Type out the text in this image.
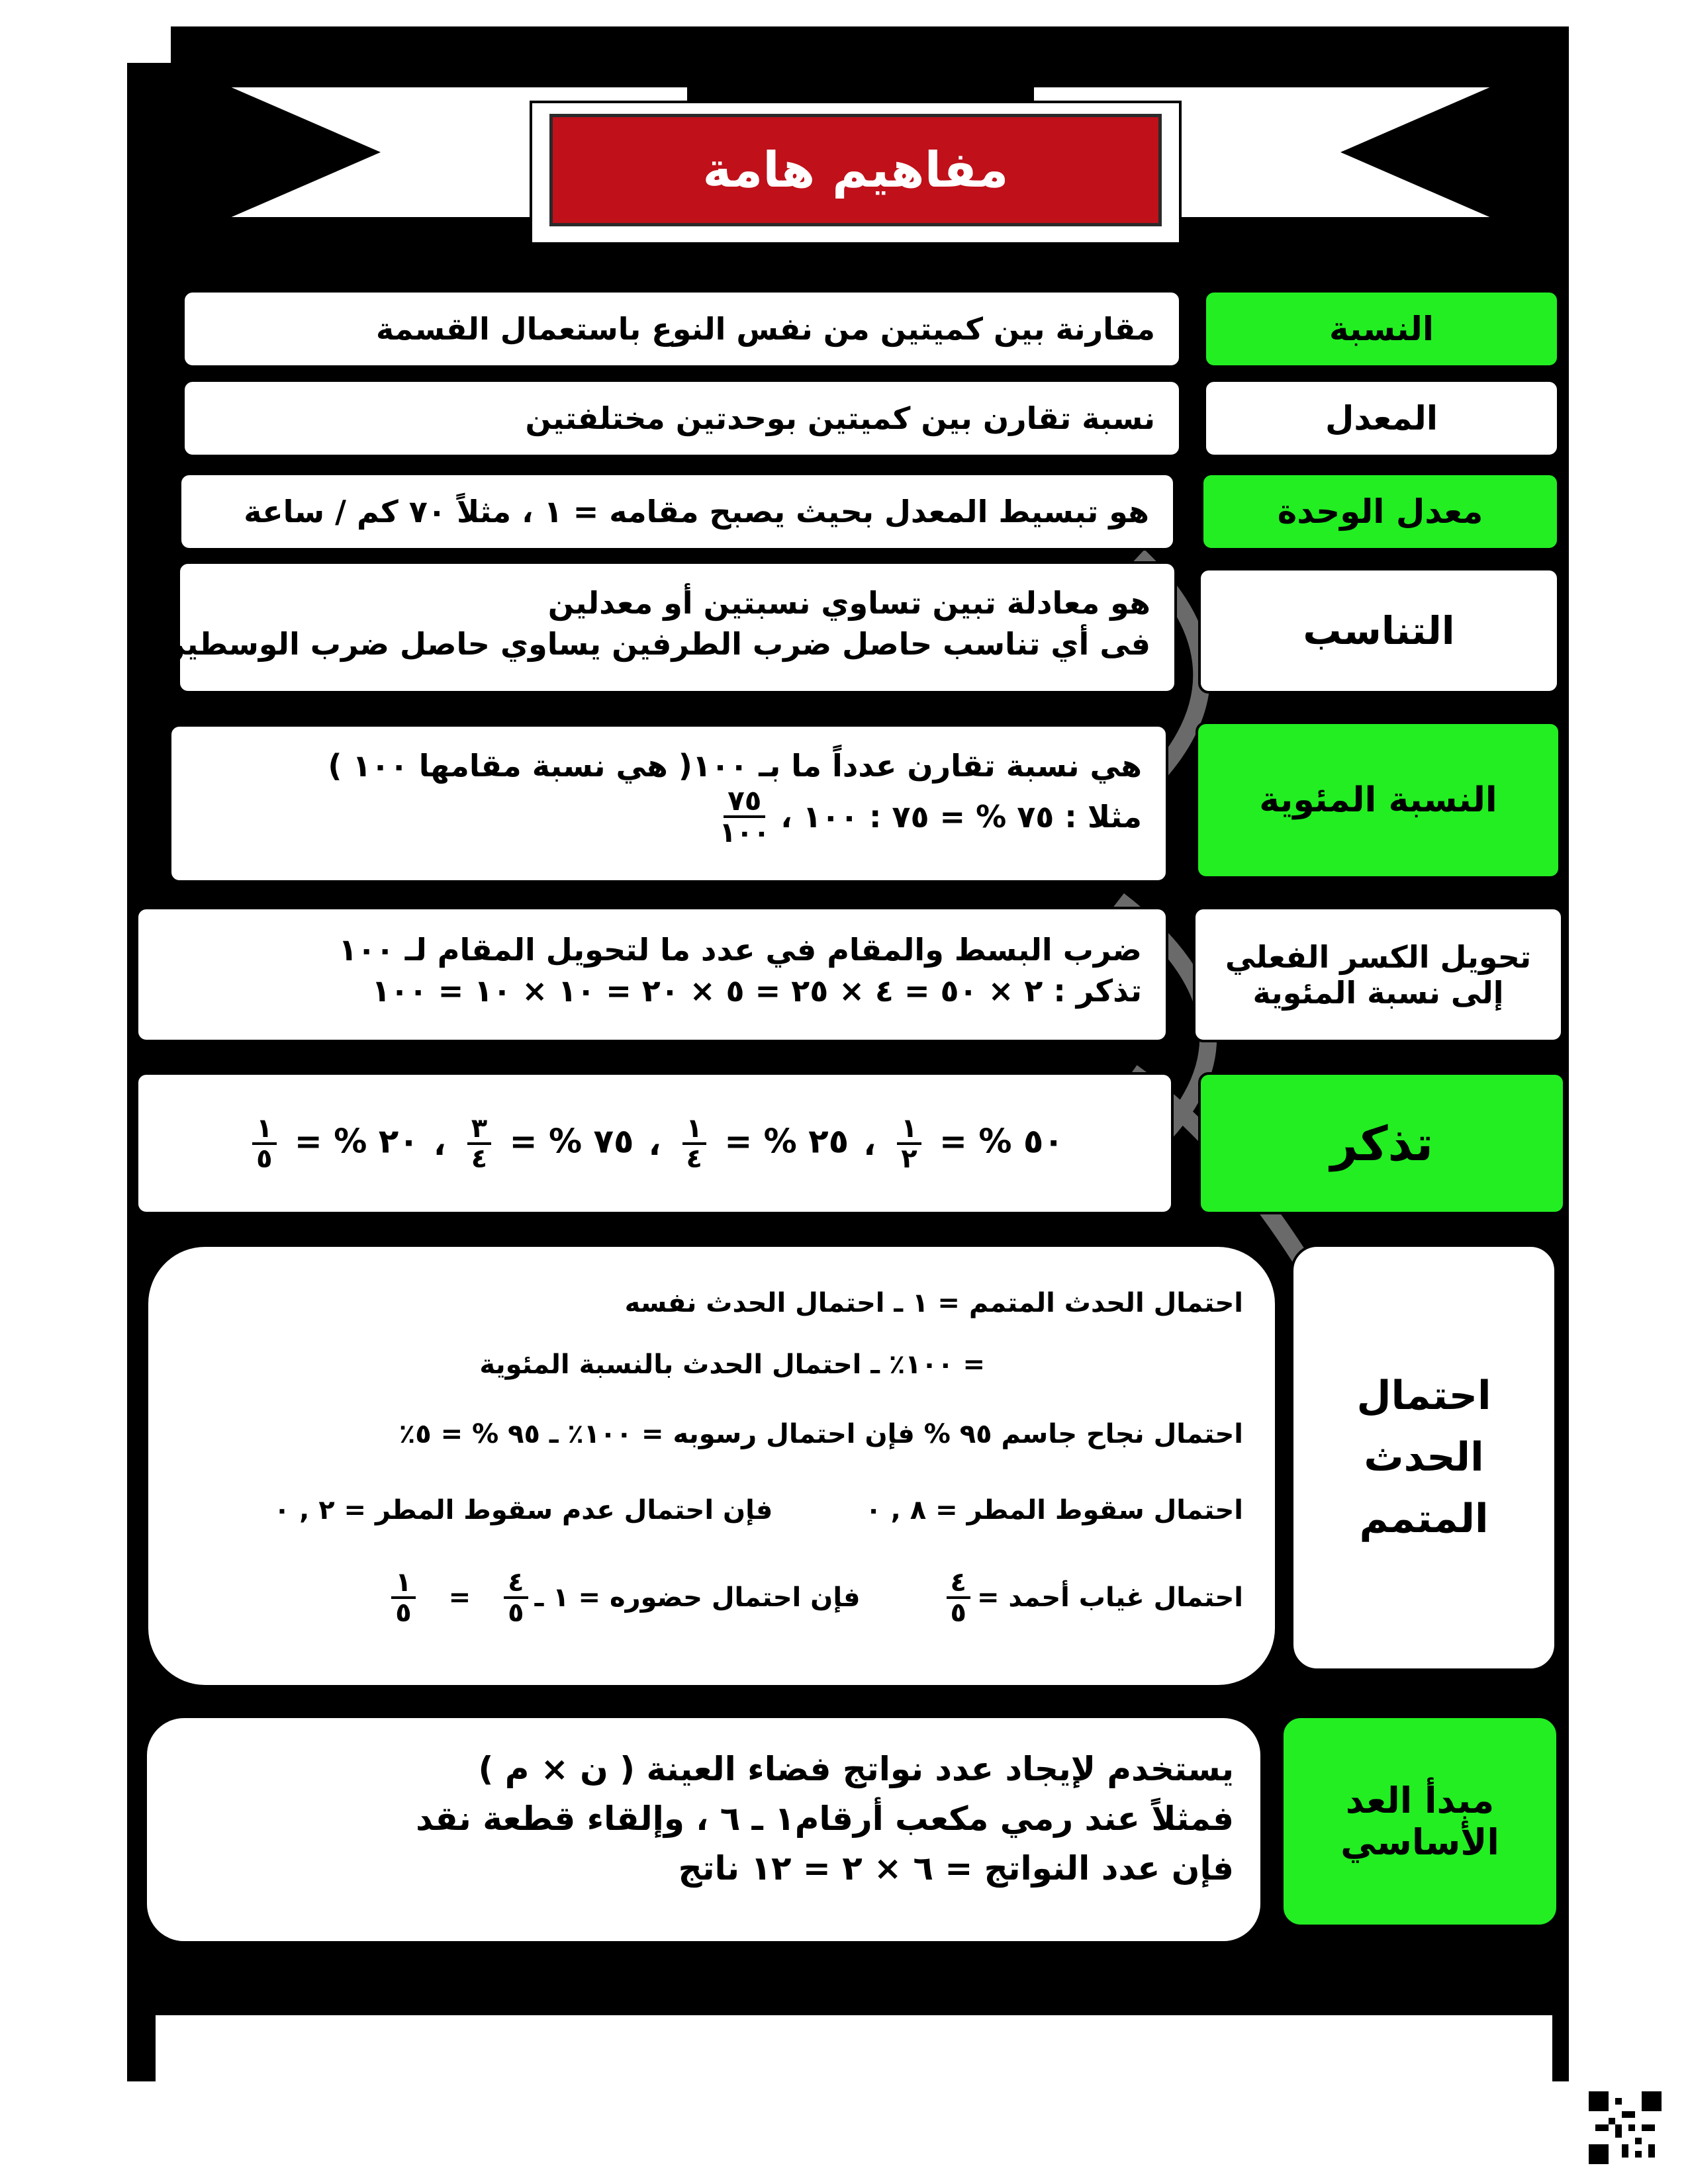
مفاهيم هامة
النسبة
مقارنة بين كميتين من نفس النوع باستعمال القسمة
المعدل
نسبة تقارن بين كميتين بوحدتين مختلفتين
معدل الوحدة
هو تبسيط المعدل بحيث يصبح مقامه = ١ ، مثلاً ٧٠ كم / ساعة
التناسب
هو معادلة تبين تساوي نسبتين أو معدلين
فى أي تناسب حاصل ضرب الطرفين يساوي حاصل ضرب الوسطين
النسبة المئوية
هي نسبة تقارن عدداً ما بـ ١٠٠( هي نسبة مقامها ١٠٠ )
مثلا : ٧٥ % = ٧٥ : ١٠٠ ،
$\frac{٧٥}{١٠٠}$
تحويل الكسر الفعلي
إلى نسبة المئوية
ضرب البسط والمقام في عدد ما لتحويل المقام لـ ١٠٠
تذكر : ٢ × ٥٠ = ٤ × ٢٥ = ٥ × ٢٠ = ١٠ × ١٠ = ١٠٠
تذكر
٥٠ % =
$\frac{١}{٢}$
،
٢٥ % =
$\frac{١}{٤}$
،
٧٥ % =
$\frac{٣}{٤}$
،
٢٠ % =
$\frac{١}{٥}$
احتمال
الحدث
المتمم
احتمال الحدث المتمم = ١ ـ احتمال الحدث نفسه
= ١٠٠٪ ـ احتمال الحدث بالنسبة المئوية
احتمال نجاح جاسم ٩٥ % فإن احتمال رسوبه = ١٠٠٪ ـ ٩٥ % = ٥٪
احتمال سقوط المطر = ٨ , ٠
فإن احتمال عدم سقوط المطر = ٢ , ٠
احتمال غياب أحمد =
$\frac{٤}{٥}$
فإن احتمال حضوره = ١ ـ
$\frac{٤}{٥}$
=
$\frac{١}{٥}$
مبدأ العد
الأساسي
يستخدم لإيجاد عدد نواتج فضاء العينة ( ن × م )
فمثلاً عند رمي مكعب أرقام١ ـ ٦ ، وإلقاء قطعة نقد
فإن عدد النواتج = ٦ × ٢ = ١٢ ناتج
